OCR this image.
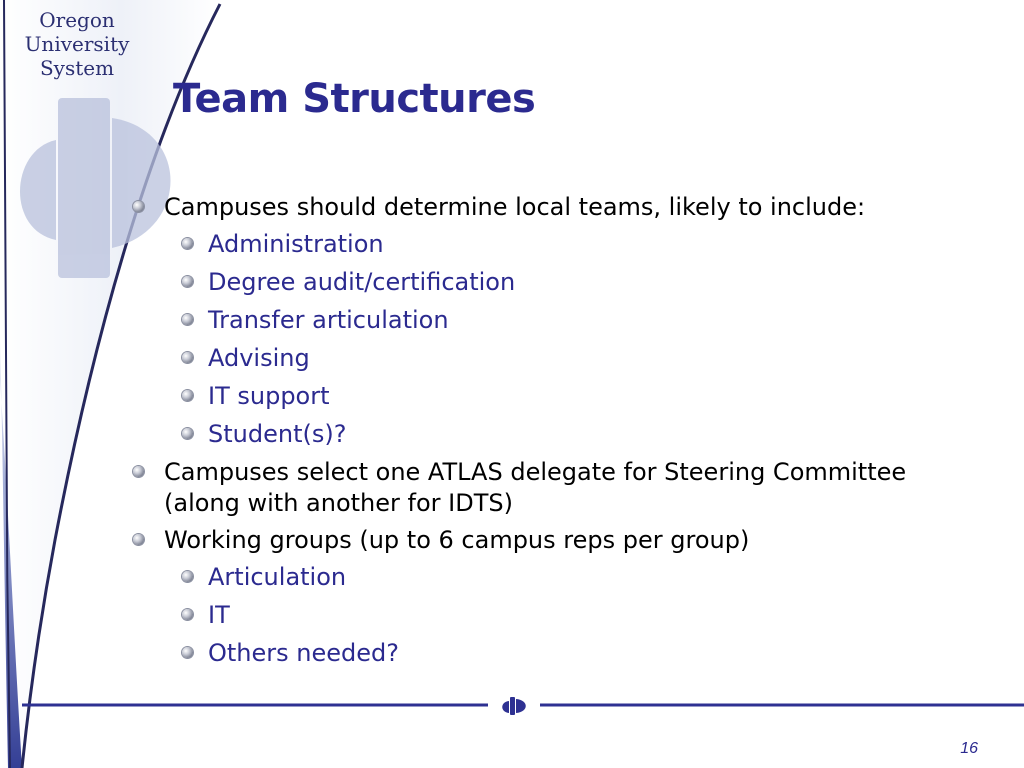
Oregon
University
System
Team Structures
Campuses should determine local teams, likely to include:
Administration
Degree audit/certification
Transfer articulation
Advising
IT support
Student(s)?
Campuses select one ATLAS delegate for Steering Committee (along with another for IDTS)
Working groups (up to 6 campus reps per group)
Articulation
IT
Others needed?
16
